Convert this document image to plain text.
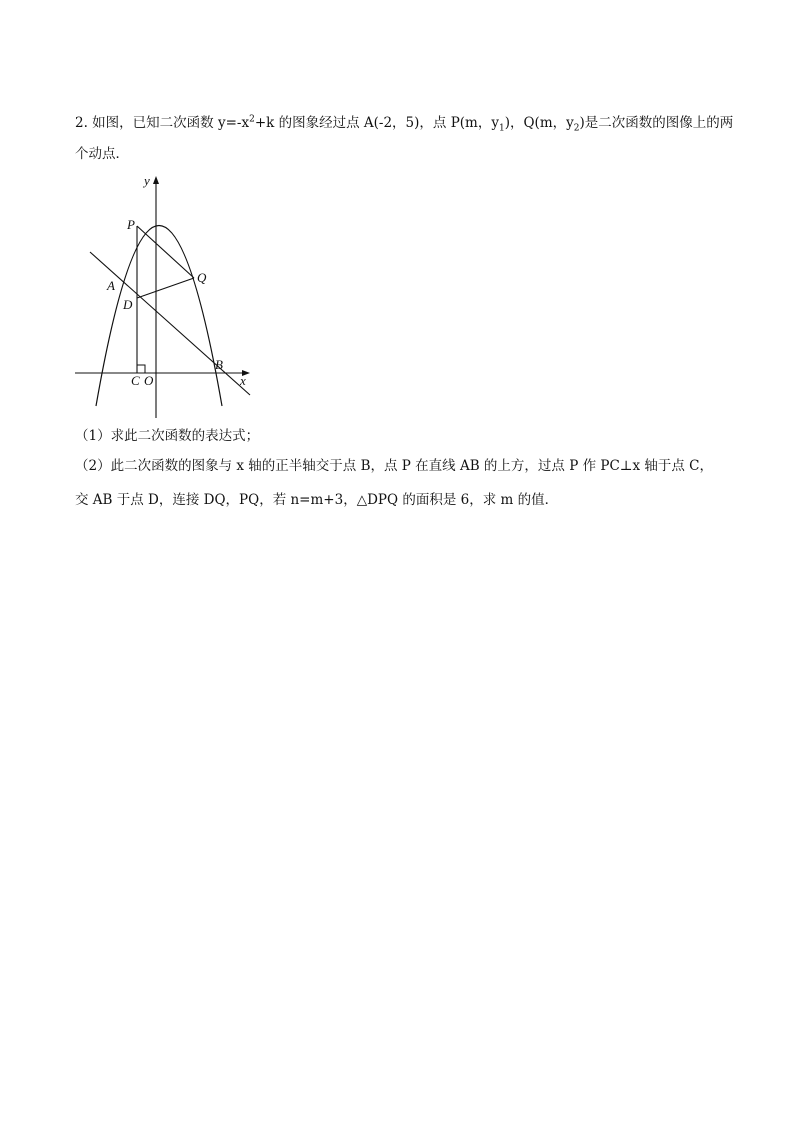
2. 如图，已知二次函数 $y=-x^2+k$ 的图象经过点 A(-2，5)，点 P(m，$y_1$)，Q(m，$y_2$)是二次函数的图像上的两
个动点．
y
x
P
Q
A
D
B
C O
（1）求此二次函数的表达式；
（2）此二次函数的图象与 x 轴的正半轴交于点 B，点 P 在直线 AB 的上方，过点 P 作 PC⊥x 轴于点 C，
交 AB 于点 D，连接 DQ，PQ，若 n=m+3，△DPQ 的面积是 6，求 m 的值．
